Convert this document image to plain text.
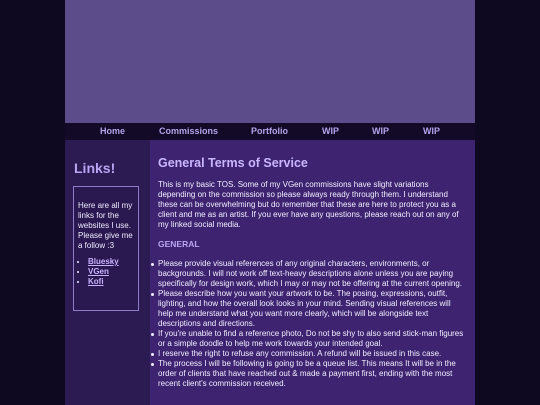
Home	Commissions	Portfolio	WIP	WIP	WIP
Links!

Here are all my links for the websites I use. Please give me a follow :3

• Bluesky
• VGen
• Kofi
General Terms of Service

This is my basic TOS. Some of my VGen commissions have slight variations depending on the commission so please always ready through them. I understand these can be overwhelming but do remember that these are here to protect you as a client and me as an artist. If you ever have any questions, please reach out on any of my linked social media.

GENERAL
Please provide visual references of any original characters, environments, or backgrounds. I will not work off text-heavy descriptions alone unless you are paying specifically for design work, which I may or may not be offering at the current opening.
Please describe how you want your artwork to be. The posing, expressions, outfit, lighting, and how the overall look looks in your mind. Sending visual references will help me understand what you want more clearly, which will be alongside text descriptions and directions.
If you're unable to find a reference photo, Do not be shy to also send stick-man figures or a simple doodle to help me work towards your intended goal.
I reserve the right to refuse any commission. A refund will be issued in this case.
The process I will be following is going to be a queue list. This means It will be in the order of clients that have reached out & made a payment first, ending with the most recent client's commission received.
